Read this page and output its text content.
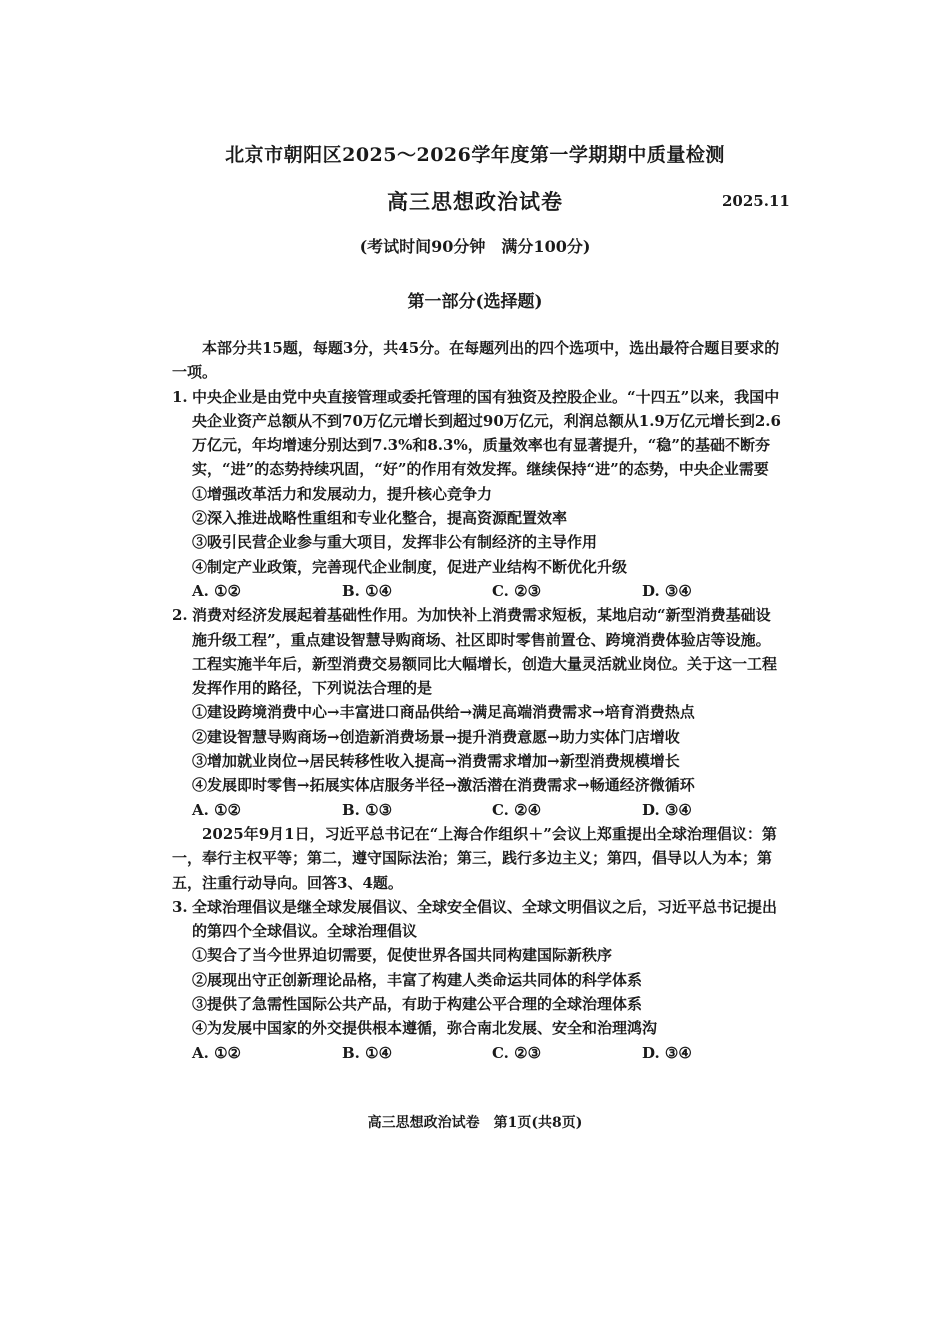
北京市朝阳区2025～2026学年度第一学期期中质量检测
高三思想政治试卷	2025.11
(考试时间90分钟　满分100分)
第一部分(选择题)

本部分共15题，每题3分，共45分。在每题列出的四个选项中，选出最符合题目要求的一项。

1. 中央企业是由党中央直接管理或委托管理的国有独资及控股企业。“十四五”以来，我国中央企业资产总额从不到70万亿元增长到超过90万亿元，利润总额从1.9万亿元增长到2.6万亿元，年均增速分别达到7.3%和8.3%，质量效率也有显著提升，“稳”的基础不断夯实，“进”的态势持续巩固，“好”的作用有效发挥。继续保持“进”的态势，中央企业需要

①增强改革活力和发展动力，提升核心竞争力

②深入推进战略性重组和专业化整合，提高资源配置效率

③吸引民营企业参与重大项目，发挥非公有制经济的主导作用

④制定产业政策，完善现代企业制度，促进产业结构不断优化升级

A. ①②	B. ①④	C. ②③	D. ③④

2. 消费对经济发展起着基础性作用。为加快补上消费需求短板，某地启动“新型消费基础设施升级工程”，重点建设智慧导购商场、社区即时零售前置仓、跨境消费体验店等设施。工程实施半年后，新型消费交易额同比大幅增长，创造大量灵活就业岗位。关于这一工程发挥作用的路径，下列说法合理的是

①建设跨境消费中心→丰富进口商品供给→满足高端消费需求→培育消费热点

②建设智慧导购商场→创造新消费场景→提升消费意愿→助力实体门店增收

③增加就业岗位→居民转移性收入提高→消费需求增加→新型消费规模增长

④发展即时零售→拓展实体店服务半径→激活潜在消费需求→畅通经济微循环

A. ①②	B. ①③	C. ②④	D. ③④

2025年9月1日，习近平总书记在“上海合作组织＋”会议上郑重提出全球治理倡议：第一，奉行主权平等；第二，遵守国际法治；第三，践行多边主义；第四，倡导以人为本；第五，注重行动导向。回答3、4题。

3. 全球治理倡议是继全球发展倡议、全球安全倡议、全球文明倡议之后，习近平总书记提出的第四个全球倡议。全球治理倡议

①契合了当今世界迫切需要，促使世界各国共同构建国际新秩序

②展现出守正创新理论品格，丰富了构建人类命运共同体的科学体系

③提供了急需性国际公共产品，有助于构建公平合理的全球治理体系

④为发展中国家的外交提供根本遵循，弥合南北发展、安全和治理鸿沟

A. ①②	B. ①④	C. ②③	D. ③④
高三思想政治试卷　第1页(共8页)
